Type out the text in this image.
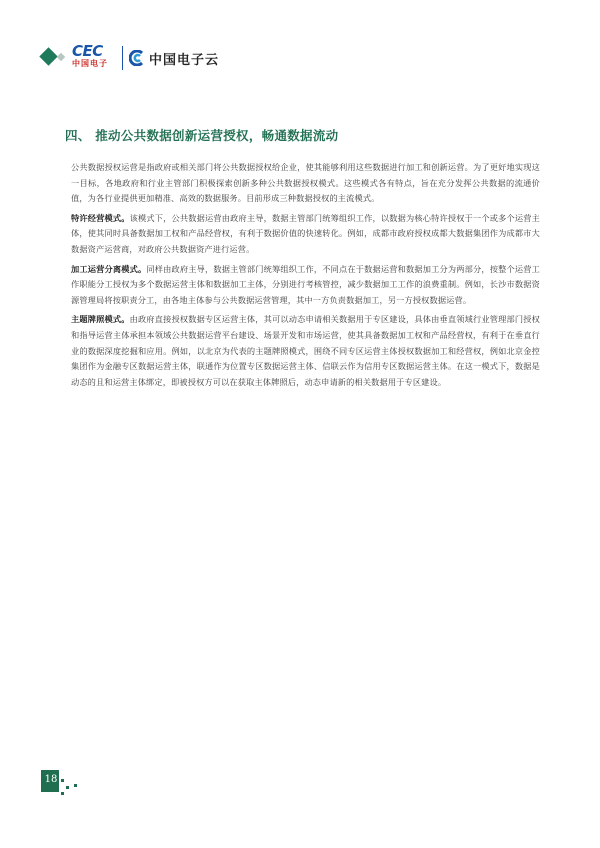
CEC
中国电子	中国电子云
四、 推动公共数据创新运营授权，畅通数据流动

公共数据授权运营是指政府或相关部门将公共数据授权给企业，使其能够利用这些数据进行加工和创新运营。为了更好地实现这一目标，各地政府和行业主管部门积极探索创新多种公共数据授权模式。这些模式各有特点，旨在充分发挥公共数据的流通价值，为各行业提供更加精准、高效的数据服务。目前形成三种数据授权的主流模式。

特许经营模式。该模式下，公共数据运营由政府主导，数据主管部门统筹组织工作，以数据为核心特许授权于一个或多个运营主体，使其同时具备数据加工权和产品经营权，有利于数据价值的快速转化。例如，成都市政府授权成都大数据集团作为成都市大数据资产运营商，对政府公共数据资产进行运营。

加工运营分离模式。同样由政府主导，数据主管部门统筹组织工作，不同点在于数据运营和数据加工分为两部分，按整个运营工作职能分工授权为多个数据运营主体和数据加工主体，分别进行考核管控，减少数据加工工作的浪费重制。例如，长沙市数据资源管理局将按职责分工，由各地主体参与公共数据运营管理，其中一方负责数据加工，另一方授权数据运营。

主题牌照模式。由政府直接授权数据专区运营主体，其可以动态申请相关数据用于专区建设，具体由垂直领域行业管理部门授权和指导运营主体承担本领域公共数据运营平台建设、场景开发和市场运营，使其具备数据加工权和产品经营权，有利于在垂直行业的数据深度挖掘和应用。例如，以北京为代表的主题牌照模式，围绕不同专区运营主体授权数据加工和经营权，例如北京金控集团作为金融专区数据运营主体，联通作为位置专区数据运营主体、信联云作为信用专区数据运营主体。在这一模式下，数据是动态的且和运营主体绑定，即被授权方可以在获取主体牌照后，动态申请新的相关数据用于专区建设。

18
